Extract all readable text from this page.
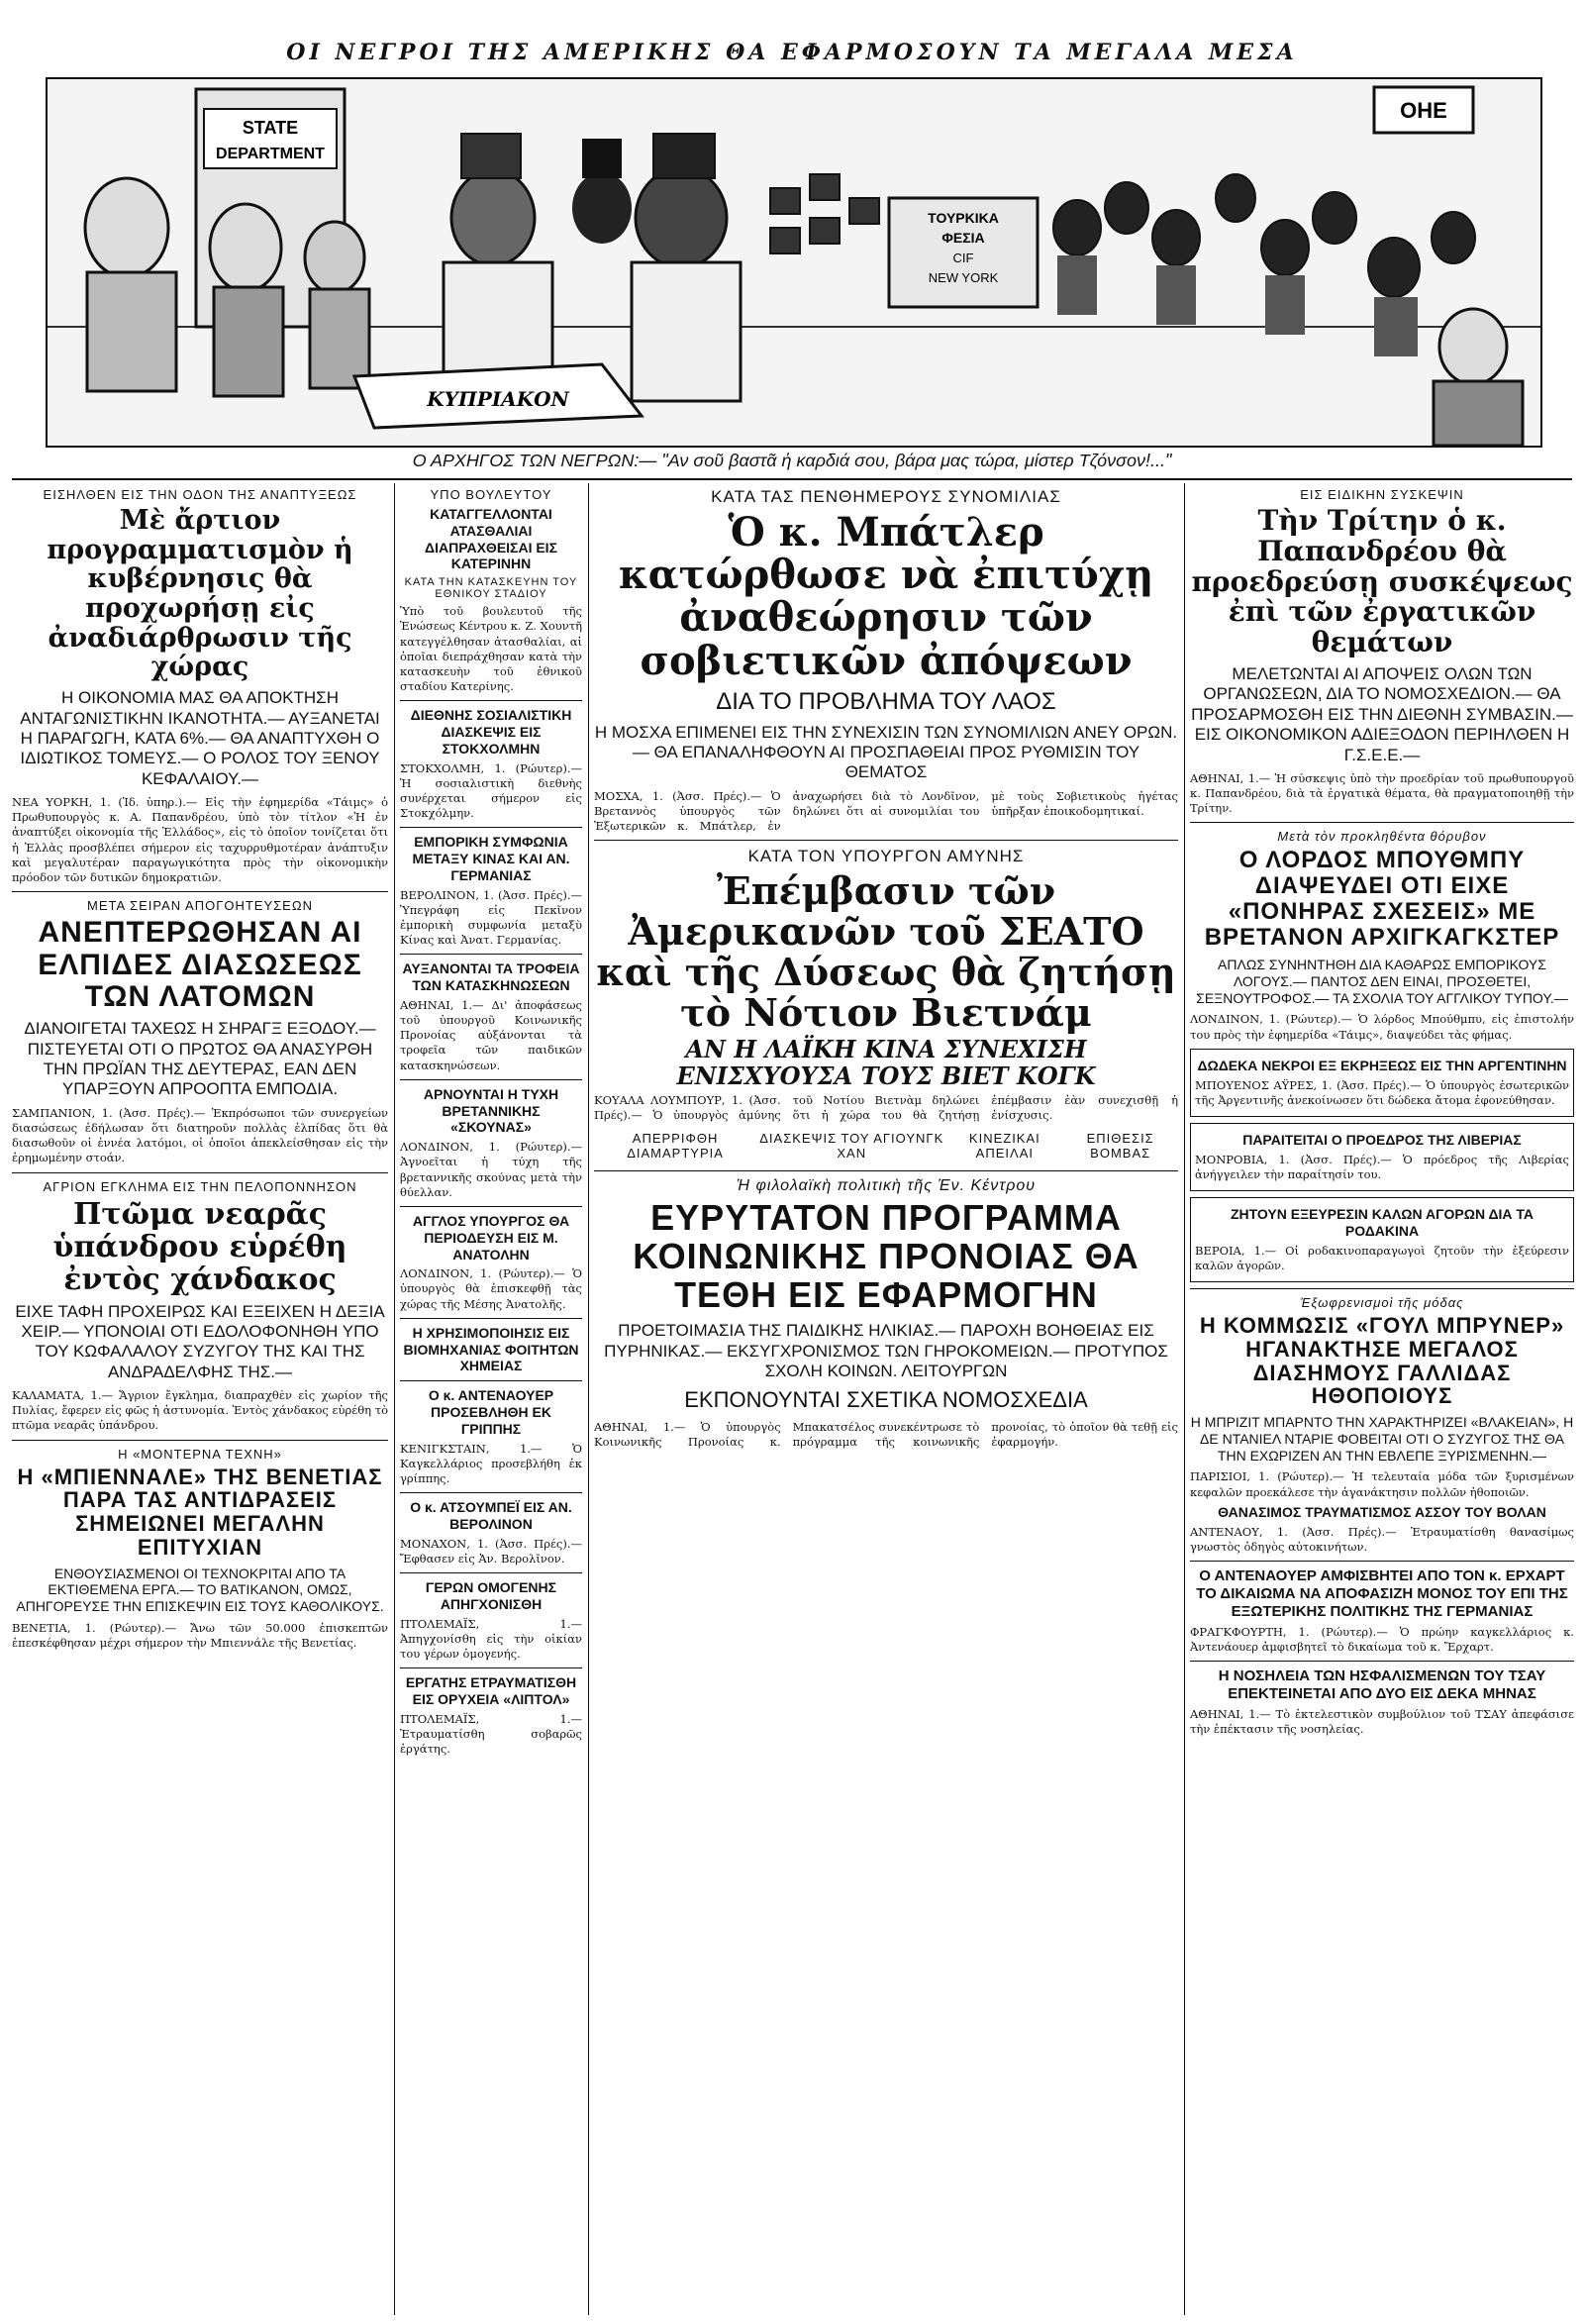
ΟΙ ΝΕΓΡΟΙ ΤΗΣ ΑΜΕΡΙΚΗΣ ΘΑ ΕΦΑΡΜΟΣΟΥΝ ΤΑ ΜΕΓΑΛΑ ΜΕΣΑ
STATE
DEPARTMENT
ΤΟΥΡΚΙΚΑ
ΦΕΣΙΑ
CIF
NEW YORK
ΟΗΕ
ΚΥΠΡΙΑΚΟΝ
Ο ΑΡΧΗΓΟΣ ΤΩΝ ΝΕΓΡΩΝ:— "Αν σοῦ βαστᾶ ἡ καρδιά σου, βάρα μας τώρα, μίστερ Τζόνσον!..."
ΕΙΣΗΛΘΕΝ ΕΙΣ ΤΗΝ ΟΔΟΝ ΤΗΣ ΑΝΑΠΤΥΞΕΩΣ
Μὲ ἄρτιον προγραμματισμὸν ἡ κυβέρνησις θὰ προχωρήσῃ εἰς ἀναδιάρθρωσιν τῆς χώρας
Η ΟΙΚΟΝΟΜΙΑ ΜΑΣ ΘΑ ΑΠΟΚΤΗΣΗ ΑΝΤΑΓΩΝΙΣΤΙΚΗΝ ΙΚΑΝΟΤΗΤΑ.— ΑΥΞΑΝΕΤΑΙ Η ΠΑΡΑΓΩΓΗ, ΚΑΤΑ 6%.— ΘΑ ΑΝΑΠΤΥΧΘΗ Ο ΙΔΙΩΤΙΚΟΣ ΤΟΜΕΥΣ.— Ο ΡΟΛΟΣ ΤΟΥ ΞΕΝΟΥ ΚΕΦΑΛΑΙΟΥ.—
ΝΕΑ ΥΟΡΚΗ, 1. (Ἰδ. ὑπηρ.).— Εἰς τὴν ἐφημερίδα «Τάιμς» ὁ Πρωθυπουργὸς κ. Α. Παπανδρέου, ὑπὸ τὸν τίτλον «Ἡ ἐν ἀναπτύξει οἰκονομία τῆς Ἑλλάδος», εἰς τὸ ὁποῖον τονίζεται ὅτι ἡ Ἑλλὰς προσβλέπει σήμερον εἰς ταχυρρυθμοτέραν ἀνάπτυξιν καὶ μεγαλυτέραν παραγωγικότητα πρὸς τὴν οἰκονομικὴν πρόοδον τῶν δυτικῶν δημοκρατιῶν.
ΜΕΤΑ ΣΕΙΡΑΝ ΑΠΟΓΟΗΤΕΥΣΕΩΝ
ΑΝΕΠΤΕΡΩΘΗΣΑΝ ΑΙ ΕΛΠΙΔΕΣ ΔΙΑΣΩΣΕΩΣ ΤΩΝ ΛΑΤΟΜΩΝ
ΔΙΑΝΟΙΓΕΤΑΙ ΤΑΧΕΩΣ Η ΣΗΡΑΓΞ ΕΞΟΔΟΥ.— ΠΙΣΤΕΥΕΤΑΙ ΟΤΙ Ο ΠΡΩΤΟΣ ΘΑ ΑΝΑΣΥΡΘΗ ΤΗΝ ΠΡΩΪΑΝ ΤΗΣ ΔΕΥΤΕΡΑΣ, ΕΑΝ ΔΕΝ ΥΠΑΡΞΟΥΝ ΑΠΡΟΟΠΤΑ ΕΜΠΟΔΙΑ.
ΣΑΜΠΑΝΙΟΝ, 1. (Ἀσσ. Πρές).— Ἐκπρόσωποι τῶν συνεργείων διασώσεως ἐδήλωσαν ὅτι διατηροῦν πολλὰς ἐλπίδας ὅτι θὰ διασωθοῦν οἱ ἐννέα λατόμοι, οἱ ὁποῖοι ἀπεκλείσθησαν εἰς τὴν ἐρημωμένην στοάν.
ΑΓΡΙΟΝ ΕΓΚΛΗΜΑ ΕΙΣ ΤΗΝ ΠΕΛΟΠΟΝΝΗΣΟΝ
Πτῶμα νεαρᾶς ὑπάνδρου εὑρέθη ἐντὸς χάνδακος
ΕΙΧΕ ΤΑΦΗ ΠΡΟΧΕΙΡΩΣ ΚΑΙ ΕΞΕΙΧΕΝ Η ΔΕΞΙΑ ΧΕΙΡ.— ΥΠΟΝΟΙΑΙ ΟΤΙ ΕΔΟΛΟΦΟΝΗΘΗ ΥΠΟ ΤΟΥ ΚΩΦΑΛΑΛΟΥ ΣΥΖΥΓΟΥ ΤΗΣ ΚΑΙ ΤΗΣ ΑΝΔΡΑΔΕΛΦΗΣ ΤΗΣ.—
ΚΑΛΑΜΑΤΑ, 1.— Ἄγριον ἔγκλημα, διαπραχθὲν εἰς χωρίον τῆς Πυλίας, ἔφερεν εἰς φῶς ἡ ἀστυνομία. Ἐντὸς χάνδακος εὑρέθη τὸ πτῶμα νεαρᾶς ὑπάνδρου.
Η «ΜΟΝΤΕΡΝΑ ΤΕΧΝΗ»
Η «ΜΠΙΕΝΝΑΛΕ» ΤΗΣ ΒΕΝΕΤΙΑΣ ΠΑΡΑ ΤΑΣ ΑΝΤΙΔΡΑΣΕΙΣ ΣΗΜΕΙΩΝΕΙ ΜΕΓΑΛΗΝ ΕΠΙΤΥΧΙΑΝ
ΕΝΘΟΥΣΙΑΣΜΕΝΟΙ ΟΙ ΤΕΧΝΟΚΡΙΤΑΙ ΑΠΟ ΤΑ ΕΚΤΙΘΕΜΕΝΑ ΕΡΓΑ.— ΤΟ ΒΑΤΙΚΑΝΟΝ, ΟΜΩΣ, ΑΠΗΓΟΡΕΥΣΕ ΤΗΝ ΕΠΙΣΚΕΨΙΝ ΕΙΣ ΤΟΥΣ ΚΑΘΟΛΙΚΟΥΣ.
ΒΕΝΕΤΙΑ, 1. (Ρώυτερ).— Ἄνω τῶν 50.000 ἐπισκεπτῶν ἐπεσκέφθησαν μέχρι σήμερον τὴν Μπιεννάλε τῆς Βενετίας.
ΥΠΟ ΒΟΥΛΕΥΤΟΥ
ΚΑΤΑΓΓΕΛΛΟΝΤΑΙ ΑΤΑΣΘΑΛΙΑΙ ΔΙΑΠΡΑΧΘΕΙΣΑΙ ΕΙΣ ΚΑΤΕΡΙΝΗΝ
ΚΑΤΑ ΤΗΝ ΚΑΤΑΣΚΕΥΗΝ ΤΟΥ ΕΘΝΙΚΟΥ ΣΤΑΔΙΟΥ
Ὑπὸ τοῦ βουλευτοῦ τῆς Ἑνώσεως Κέντρου κ. Ζ. Χουντῆ κατεγγέλθησαν ἀτασθαλίαι, αἱ ὁποῖαι διεπράχθησαν κατὰ τὴν κατασκευὴν τοῦ ἐθνικοῦ σταδίου Κατερίνης.
ΔΙΕΘΝΗΣ ΣΟΣΙΑΛΙΣΤΙΚΗ ΔΙΑΣΚΕΨΙΣ ΕΙΣ ΣΤΟΚΧΟΛΜΗΝ
ΣΤΟΚΧΟΛΜΗ, 1. (Ρώυτερ).— Ἡ σοσιαλιστικὴ διεθνὴς συνέρχεται σήμερον εἰς Στοκχόλμην.
ΕΜΠΟΡΙΚΗ ΣΥΜΦΩΝΙΑ ΜΕΤΑΞΥ ΚΙΝΑΣ ΚΑΙ ΑΝ. ΓΕΡΜΑΝΙΑΣ
ΒΕΡΟΛΙΝΟΝ, 1. (Ἀσσ. Πρές).— Ὑπεγράφη εἰς Πεκῖνον ἐμπορικὴ συμφωνία μεταξὺ Κίνας καὶ Ἀνατ. Γερμανίας.
ΑΥΞΑΝΟΝΤΑΙ ΤΑ ΤΡΟΦΕΙΑ ΤΩΝ ΚΑΤΑΣΚΗΝΩΣΕΩΝ
ΑΘΗΝΑΙ, 1.— Δι' ἀποφάσεως τοῦ ὑπουργοῦ Κοινωνικῆς Προνοίας αὐξάνονται τὰ τροφεῖα τῶν παιδικῶν κατασκηνώσεων.
ΑΡΝΟΥΝΤΑΙ Η ΤΥΧΗ ΒΡΕΤΑΝΝΙΚΗΣ «ΣΚΟΥΝΑΣ»
ΛΟΝΔΙΝΟΝ, 1. (Ρώυτερ).— Ἀγνοεῖται ἡ τύχη τῆς βρεταννικῆς σκούνας μετὰ τὴν θύελλαν.
ΑΓΓΛΟΣ ΥΠΟΥΡΓΟΣ ΘΑ ΠΕΡΙΟΔΕΥΣΗ ΕΙΣ Μ. ΑΝΑΤΟΛΗΝ
ΛΟΝΔΙΝΟΝ, 1. (Ρώυτερ).— Ὁ ὑπουργὸς θὰ ἐπισκεφθῇ τὰς χώρας τῆς Μέσης Ἀνατολῆς.
Η ΧΡΗΣΙΜΟΠΟΙΗΣΙΣ ΕΙΣ ΒΙΟΜΗΧΑΝΙΑΣ ΦΟΙΤΗΤΩΝ ΧΗΜΕΙΑΣ
Ο κ. ΑΝΤΕΝΑΟΥΕΡ ΠΡΟΣΕΒΛΗΘΗ ΕΚ ΓΡΙΠΠΗΣ
ΚΕΝΙΓΚΣΤΑΙΝ, 1.— Ὁ Καγκελλάριος προσεβλήθη ἐκ γρίππης.
Ο κ. ΑΤΣΟΥΜΠΕΪ ΕΙΣ ΑΝ. ΒΕΡΟΛΙΝΟΝ
ΜΟΝΑΧΟΝ, 1. (Ἀσσ. Πρές).— Ἔφθασεν εἰς Ἀν. Βερολῖνον.
ΓΕΡΩΝ ΟΜΟΓΕΝΗΣ ΑΠΗΓΧΟΝΙΣΘΗ
ΠΤΟΛΕΜΑΪΣ, 1.— Ἀπηγχονίσθη εἰς τὴν οἰκίαν του γέρων ὁμογενής.
ΕΡΓΑΤΗΣ ΕΤΡΑΥΜΑΤΙΣΘΗ ΕΙΣ ΟΡΥΧΕΙΑ «ΛΙΠΤΟΛ»
ΠΤΟΛΕΜΑΪΣ, 1.— Ἐτραυματίσθη σοβαρῶς ἐργάτης.
ΚΑΤΑ ΤΑΣ ΠΕΝΘΗΜΕΡΟΥΣ ΣΥΝΟΜΙΛΙΑΣ
Ὁ κ. Μπάτλερ κατώρθωσε νὰ ἐπιτύχῃ ἀναθεώρησιν τῶν σοβιετικῶν ἀπόψεων
ΔΙΑ ΤΟ ΠΡΟΒΛΗΜΑ ΤΟΥ ΛΑΟΣ
Η ΜΟΣΧΑ ΕΠΙΜΕΝΕΙ ΕΙΣ ΤΗΝ ΣΥΝΕΧΙΣΙΝ ΤΩΝ ΣΥΝΟΜΙΛΙΩΝ ΑΝΕΥ ΟΡΩΝ.— ΘΑ ΕΠΑΝΑΛΗΦΘΟΥΝ ΑΙ ΠΡΟΣΠΑΘΕΙΑΙ ΠΡΟΣ ΡΥΘΜΙΣΙΝ ΤΟΥ ΘΕΜΑΤΟΣ
ΜΟΣΧΑ, 1. (Ἀσσ. Πρές).— Ὁ Βρεταννὸς ὑπουργὸς τῶν Ἐξωτερικῶν κ. Μπάτλερ, ἐν ἀναχωρήσει διὰ τὸ Λονδῖνον, δηλώνει ὅτι αἱ συνομιλίαι του μὲ τοὺς Σοβιετικοὺς ἡγέτας ὑπῆρξαν ἐποικοδομητικαί.
ΚΑΤΑ ΤΟΝ ΥΠΟΥΡΓΟΝ ΑΜΥΝΗΣ
Ἐπέμβασιν τῶν Ἀμερικανῶν τοῦ ΣΕΑΤΟ καὶ τῆς Δύσεως θὰ ζητήσῃ τὸ Νότιον Βιετνάμ
ΑΝ Η ΛΑΪΚΗ ΚΙΝΑ ΣΥΝΕΧΙΣΗ ΕΝΙΣΧΥΟΥΣΑ ΤΟΥΣ ΒΙΕΤ ΚΟΓΚ
ΚΟΥΑΛΑ ΛΟΥΜΠΟΥΡ, 1. (Ἀσσ. Πρές).— Ὁ ὑπουργὸς ἀμύνης τοῦ Νοτίου Βιετνὰμ δηλώνει ὅτι ἡ χώρα του θὰ ζητήσῃ ἐπέμβασιν ἐὰν συνεχισθῇ ἡ ἐνίσχυσις.
ΑΠΕΡΡΙΦΘΗ ΔΙΑΜΑΡΤΥΡΙΑ
ΔΙΑΣΚΕΨΙΣ ΤΟΥ ΑΓΙΟΥΝΓΚ ΧΑΝ
ΚΙΝΕΖΙΚΑΙ ΑΠΕΙΛΑΙ
ΕΠΙΘΕΣΙΣ ΒΟΜΒΑΣ
Ἡ φιλολαϊκὴ πολιτικὴ τῆς Ἑν. Κέντρου
ΕΥΡΥΤΑΤΟΝ ΠΡΟΓΡΑΜΜΑ ΚΟΙΝΩΝΙΚΗΣ ΠΡΟΝΟΙΑΣ ΘΑ ΤΕΘΗ ΕΙΣ ΕΦΑΡΜΟΓΗΝ
ΠΡΟΕΤΟΙΜΑΣΙΑ ΤΗΣ ΠΑΙΔΙΚΗΣ ΗΛΙΚΙΑΣ.— ΠΑΡΟΧΗ ΒΟΗΘΕΙΑΣ ΕΙΣ ΠΥΡΗΝΙΚΑΣ.— ΕΚΣΥΓΧΡΟΝΙΣΜΟΣ ΤΩΝ ΓΗΡΟΚΟΜΕΙΩΝ.— ΠΡΟΤΥΠΟΣ ΣΧΟΛΗ ΚΟΙΝΩΝ. ΛΕΙΤΟΥΡΓΩΝ
ΕΚΠΟΝΟΥΝΤΑΙ ΣΧΕΤΙΚΑ ΝΟΜΟΣΧΕΔΙΑ
ΑΘΗΝΑΙ, 1.— Ὁ ὑπουργὸς Κοινωνικῆς Προνοίας κ. Μπακατσέλος συνεκέντρωσε τὸ πρόγραμμα τῆς κοινωνικῆς προνοίας, τὸ ὁποῖον θὰ τεθῇ εἰς ἐφαρμογήν.
ΕΙΣ ΕΙΔΙΚΗΝ ΣΥΣΚΕΨΙΝ
Τὴν Τρίτην ὁ κ. Παπανδρέου θὰ προεδρεύσῃ συσκέψεως ἐπὶ τῶν ἐργατικῶν θεμάτων
ΜΕΛΕΤΩΝΤΑΙ ΑΙ ΑΠΟΨΕΙΣ ΟΛΩΝ ΤΩΝ ΟΡΓΑΝΩΣΕΩΝ, ΔΙΑ ΤΟ ΝΟΜΟΣΧΕΔΙΟΝ.— ΘΑ ΠΡΟΣΑΡΜΟΣΘΗ ΕΙΣ ΤΗΝ ΔΙΕΘΝΗ ΣΥΜΒΑΣΙΝ.— ΕΙΣ ΟΙΚΟΝΟΜΙΚΟΝ ΑΔΙΕΞΟΔΟΝ ΠΕΡΙΗΛΘΕΝ Η Γ.Σ.Ε.Ε.—
ΑΘΗΝΑΙ, 1.— Ἡ σύσκεψις ὑπὸ τὴν προεδρίαν τοῦ πρωθυπουργοῦ κ. Παπανδρέου, διὰ τὰ ἐργατικὰ θέματα, θὰ πραγματοποιηθῇ τὴν Τρίτην.
Μετὰ τὸν προκληθέντα θόρυβον
Ο ΛΟΡΔΟΣ ΜΠΟΥΘΜΠΥ ΔΙΑΨΕΥΔΕΙ ΟΤΙ ΕΙΧΕ «ΠΟΝΗΡΑΣ ΣΧΕΣΕΙΣ» ΜΕ ΒΡΕΤΑΝΟΝ ΑΡΧΙΓΚΑΓΚΣΤΕΡ
ΑΠΛΩΣ ΣΥΝΗΝΤΗΘΗ ΔΙΑ ΚΑΘΑΡΩΣ ΕΜΠΟΡΙΚΟΥΣ ΛΟΓΟΥΣ.— ΠΑΝΤΟΣ ΔΕΝ ΕΙΝΑΙ, ΠΡΟΣΘΕΤΕΙ, ΣΕΞΝΟΥΤΡΟΦΟΣ.— ΤΑ ΣΧΟΛΙΑ ΤΟΥ ΑΓΓΛΙΚΟΥ ΤΥΠΟΥ.—
ΛΟΝΔΙΝΟΝ, 1. (Ρώυτερ).— Ὁ λόρδος Μπούθμπυ, εἰς ἐπιστολήν του πρὸς τὴν ἐφημερίδα «Τάιμς», διαψεύδει τὰς φήμας.
ΔΩΔΕΚΑ ΝΕΚΡΟΙ ΕΞ ΕΚΡΗΞΕΩΣ ΕΙΣ ΤΗΝ ΑΡΓΕΝΤΙΝΗΝ
ΜΠΟΥΕΝΟΣ ΑΫΡΕΣ, 1. (Ἀσσ. Πρές).— Ὁ ὑπουργὸς ἐσωτερικῶν τῆς Ἀργεντινῆς ἀνεκοίνωσεν ὅτι δώδεκα ἄτομα ἐφονεύθησαν.
ΠΑΡΑΙΤΕΙΤΑΙ Ο ΠΡΟΕΔΡΟΣ ΤΗΣ ΛΙΒΕΡΙΑΣ
ΜΟΝΡΟΒΙΑ, 1. (Ἀσσ. Πρές).— Ὁ πρόεδρος τῆς Λιβερίας ἀνήγγειλεν τὴν παραίτησίν του.
ΖΗΤΟΥΝ ΕΞΕΥΡΕΣΙΝ ΚΑΛΩΝ ΑΓΟΡΩΝ ΔΙΑ ΤΑ ΡΟΔΑΚΙΝΑ
ΒΕΡΟΙΑ, 1.— Οἱ ροδακινοπαραγωγοὶ ζητοῦν τὴν ἐξεύρεσιν καλῶν ἀγορῶν.
Ἐξωφρενισμοὶ τῆς μόδας
Η ΚΟΜΜΩΣΙΣ «ΓΟΥΛ ΜΠΡΥΝΕΡ» ΗΓΑΝΑΚΤΗΣΕ ΜΕΓΑΛΟΣ ΔΙΑΣΗΜΟΥΣ ΓΑΛΛΙΔΑΣ ΗΘΟΠΟΙΟΥΣ
Η ΜΠΡΙΖΙΤ ΜΠΑΡΝΤΟ ΤΗΝ ΧΑΡΑΚΤΗΡΙΖΕΙ «ΒΛΑΚΕΙΑΝ», Η ΔΕ ΝΤΑΝΙΕΛ ΝΤΑΡΙΕ ΦΟΒΕΙΤΑΙ ΟΤΙ Ο ΣΥΖΥΓΟΣ ΤΗΣ ΘΑ ΤΗΝ ΕΧΩΡΙΖΕΝ ΑΝ ΤΗΝ ΕΒΛΕΠΕ ΞΥΡΙΣΜΕΝΗΝ.—
ΠΑΡΙΣΙΟΙ, 1. (Ρώυτερ).— Ἡ τελευταία μόδα τῶν ξυρισμένων κεφαλῶν προεκάλεσε τὴν ἀγανάκτησιν πολλῶν ἠθοποιῶν.
ΘΑΝΑΣΙΜΟΣ ΤΡΑΥΜΑΤΙΣΜΟΣ ΑΣΣΟΥ ΤΟΥ ΒΟΛΑΝ
ΑΝΤΕΝΑΟΥ, 1. (Ἀσσ. Πρές).— Ἐτραυματίσθη θανασίμως γνωστὸς ὁδηγὸς αὐτοκινήτων.
Ο ΑΝΤΕΝΑΟΥΕΡ ΑΜΦΙΣΒΗΤΕΙ ΑΠΟ ΤΟΝ κ. ΕΡΧΑΡΤ ΤΟ ΔΙΚΑΙΩΜΑ ΝΑ ΑΠΟΦΑΣΙΖΗ ΜΟΝΟΣ ΤΟΥ ΕΠΙ ΤΗΣ ΕΞΩΤΕΡΙΚΗΣ ΠΟΛΙΤΙΚΗΣ ΤΗΣ ΓΕΡΜΑΝΙΑΣ
ΦΡΑΓΚΦΟΥΡΤΗ, 1. (Ρώυτερ).— Ὁ πρώην καγκελλάριος κ. Ἀντενάουερ ἀμφισβητεῖ τὸ δικαίωμα τοῦ κ. Ἔρχαρτ.
Η ΝΟΣΗΛΕΙΑ ΤΩΝ ΗΣΦΑΛΙΣΜΕΝΩΝ ΤΟΥ ΤΣΑΥ ΕΠΕΚΤΕΙΝΕΤΑΙ ΑΠΟ ΔΥΟ ΕΙΣ ΔΕΚΑ ΜΗΝΑΣ
ΑΘΗΝΑΙ, 1.— Τὸ ἐκτελεστικὸν συμβούλιον τοῦ ΤΣΑΥ ἀπεφάσισε τὴν ἐπέκτασιν τῆς νοσηλείας.
